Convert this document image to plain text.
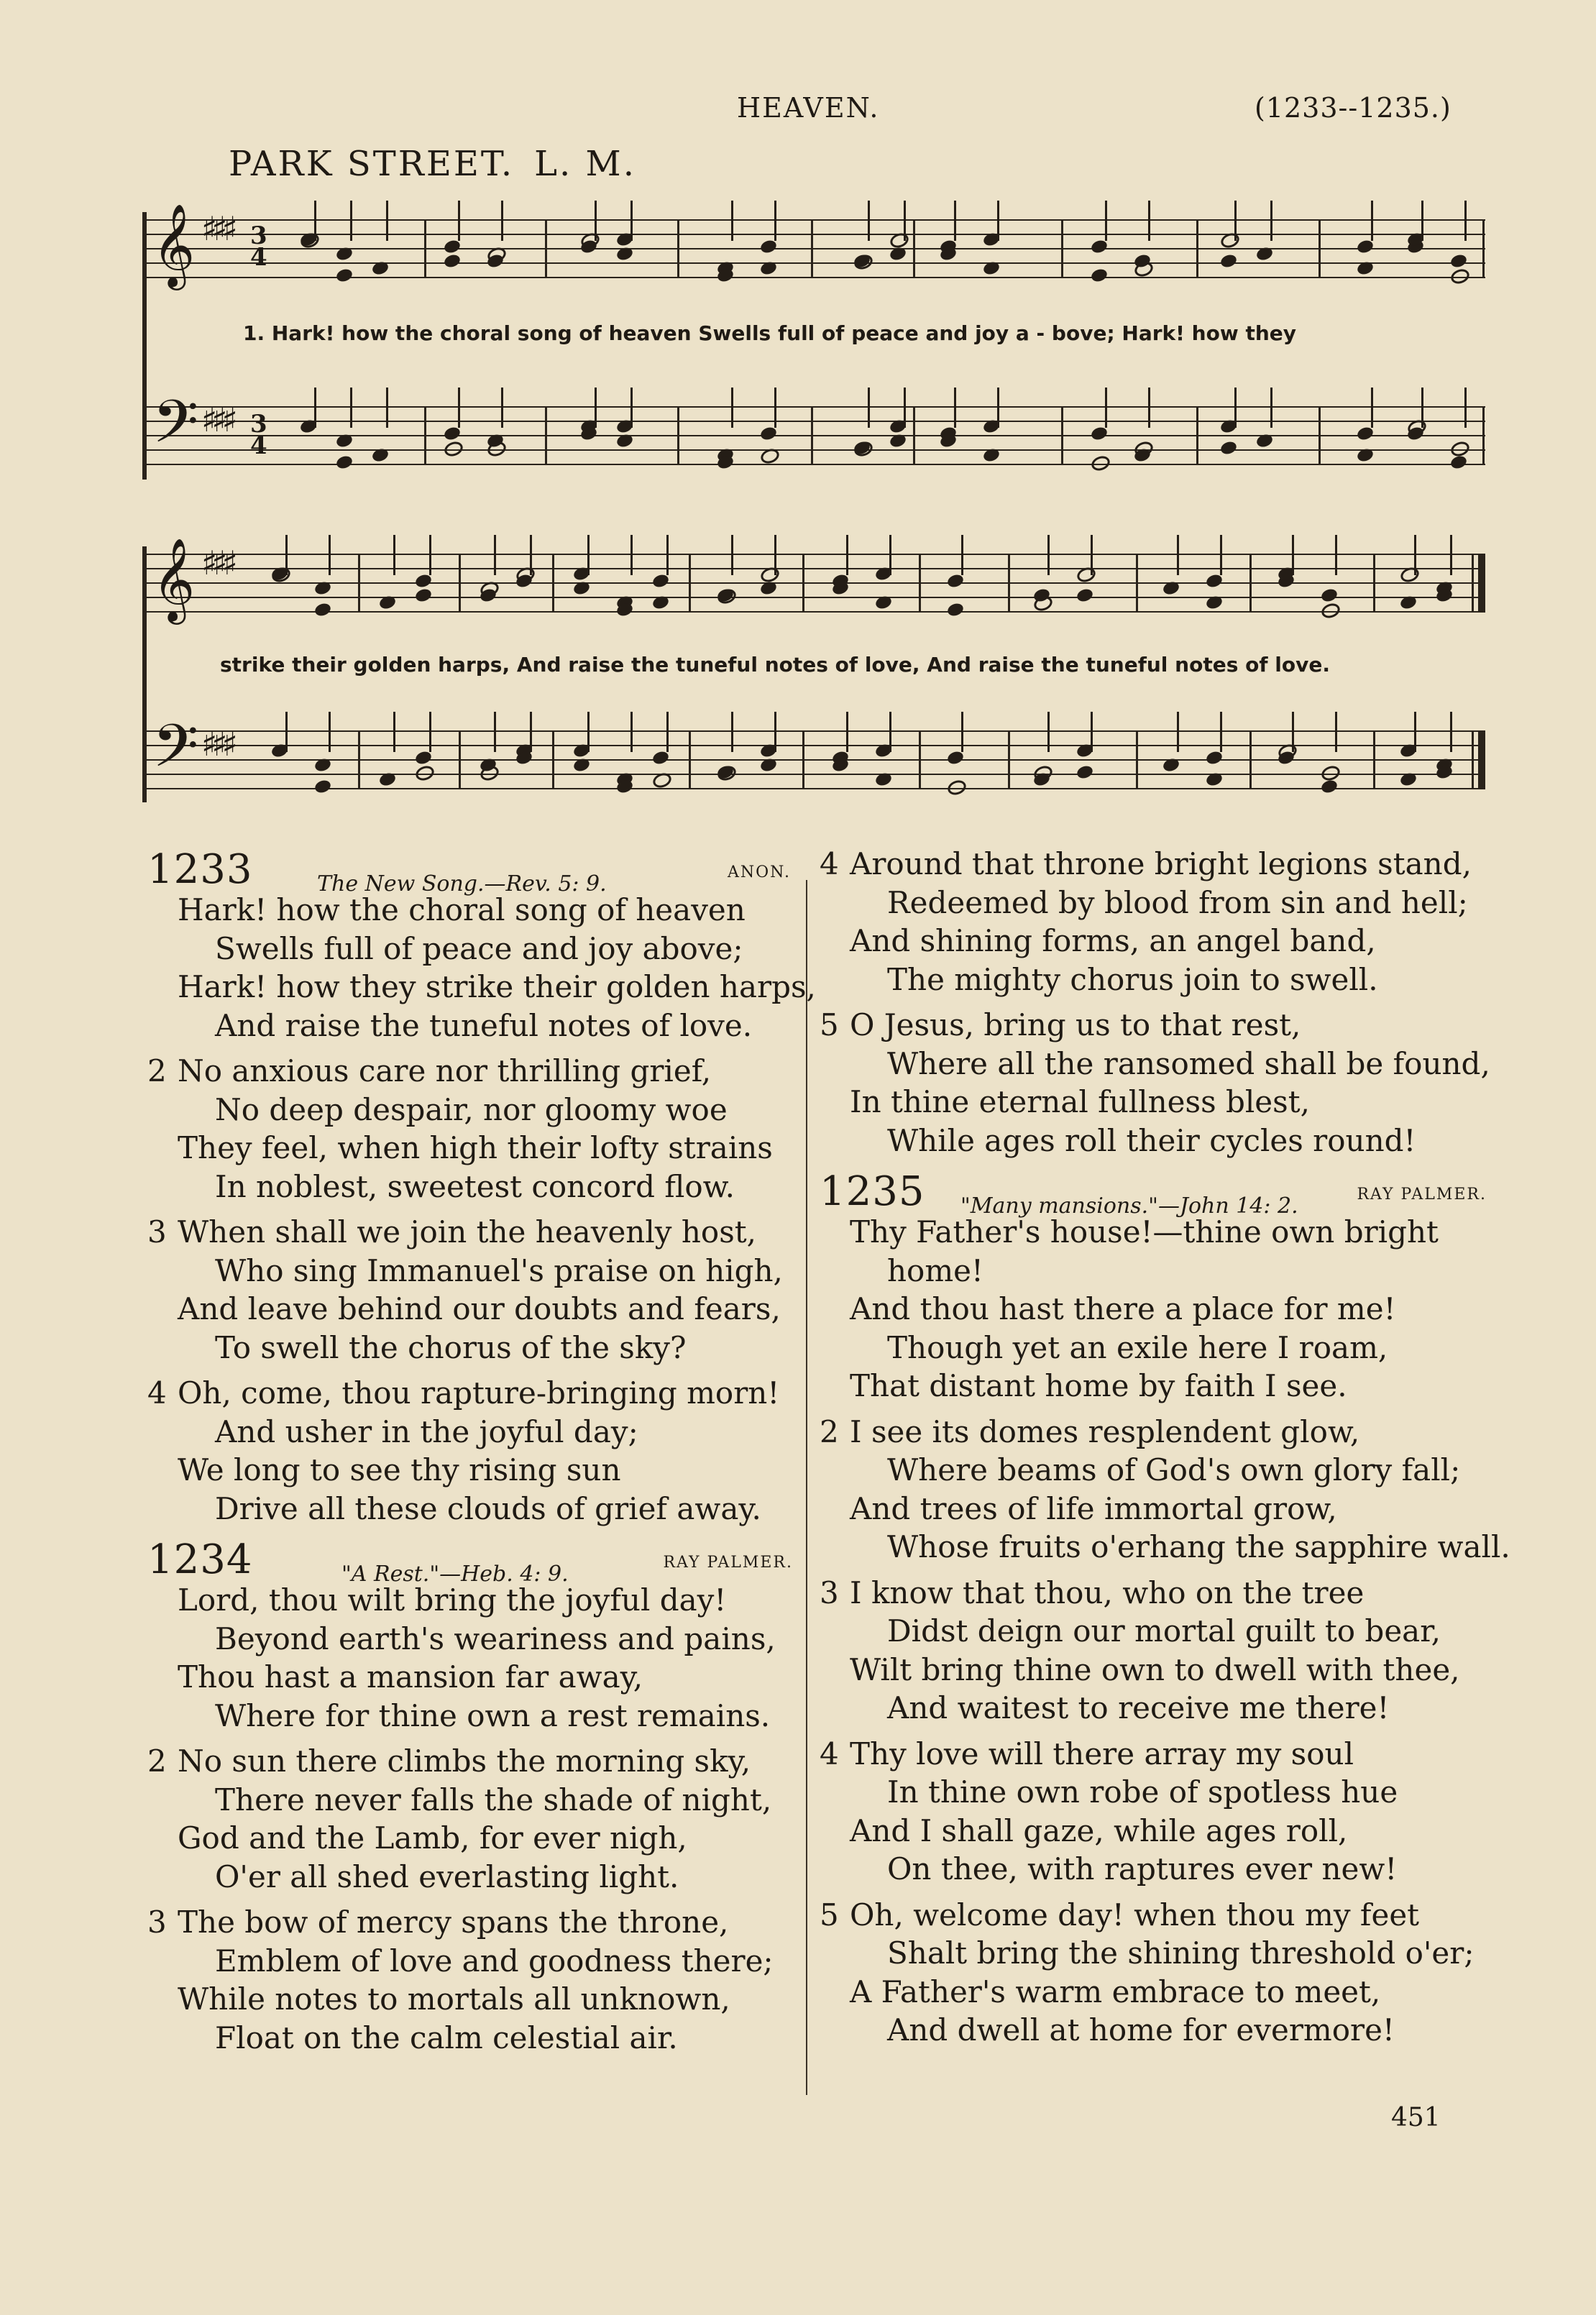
HEAVEN.	(1233--1235.)
PARK STREET. L. M.
𝄞 ♯♯♯ 3
4
𝄢 ♯♯♯ 3
4
1. Hark! how the choral song of heaven Swells full of peace and joy a - bove; Hark! how they
𝄞 ♯♯♯
𝄢 ♯♯♯
strike their golden harps, And raise the tuneful notes of love, And raise the tuneful notes of love.
1233	The New Song.—Rev. 5: 9.	ANON.
Hark! how the choral song of heaven
Swells full of peace and joy above;
Hark! how they strike their golden harps,
And raise the tuneful notes of love.
2 No anxious care nor thrilling grief,
No deep despair, nor gloomy woe
They feel, when high their lofty strains
In noblest, sweetest concord flow.
3 When shall we join the heavenly host,
Who sing Immanuel's praise on high,
And leave behind our doubts and fears,
To swell the chorus of the sky?
4 Oh, come, thou rapture-bringing morn!
And usher in the joyful day;
We long to see thy rising sun
Drive all these clouds of grief away.
1234	"A Rest."—Heb. 4: 9.	RAY PALMER.
Lord, thou wilt bring the joyful day!
Beyond earth's weariness and pains,
Thou hast a mansion far away,
Where for thine own a rest remains.
2 No sun there climbs the morning sky,
There never falls the shade of night,
God and the Lamb, for ever nigh,
O'er all shed everlasting light.
3 The bow of mercy spans the throne,
Emblem of love and goodness there;
While notes to mortals all unknown,
Float on the calm celestial air.
4 Around that throne bright legions stand,
Redeemed by blood from sin and hell;
And shining forms, an angel band,
The mighty chorus join to swell.
5 O Jesus, bring us to that rest,
Where all the ransomed shall be found,
In thine eternal fullness blest,
While ages roll their cycles round!
1235 "Many mansions."—John 14: 2.	RAY PALMER.
Thy Father's house!—thine own bright
home!
And thou hast there a place for me!
Though yet an exile here I roam,
That distant home by faith I see.
2 I see its domes resplendent glow,
Where beams of God's own glory fall;
And trees of life immortal grow,
Whose fruits o'erhang the sapphire wall.
3 I know that thou, who on the tree
Didst deign our mortal guilt to bear,
Wilt bring thine own to dwell with thee,
And waitest to receive me there!
4 Thy love will there array my soul
In thine own robe of spotless hue
And I shall gaze, while ages roll,
On thee, with raptures ever new!
5 Oh, welcome day! when thou my feet
Shalt bring the shining threshold o'er;
A Father's warm embrace to meet,
And dwell at home for evermore!
451
